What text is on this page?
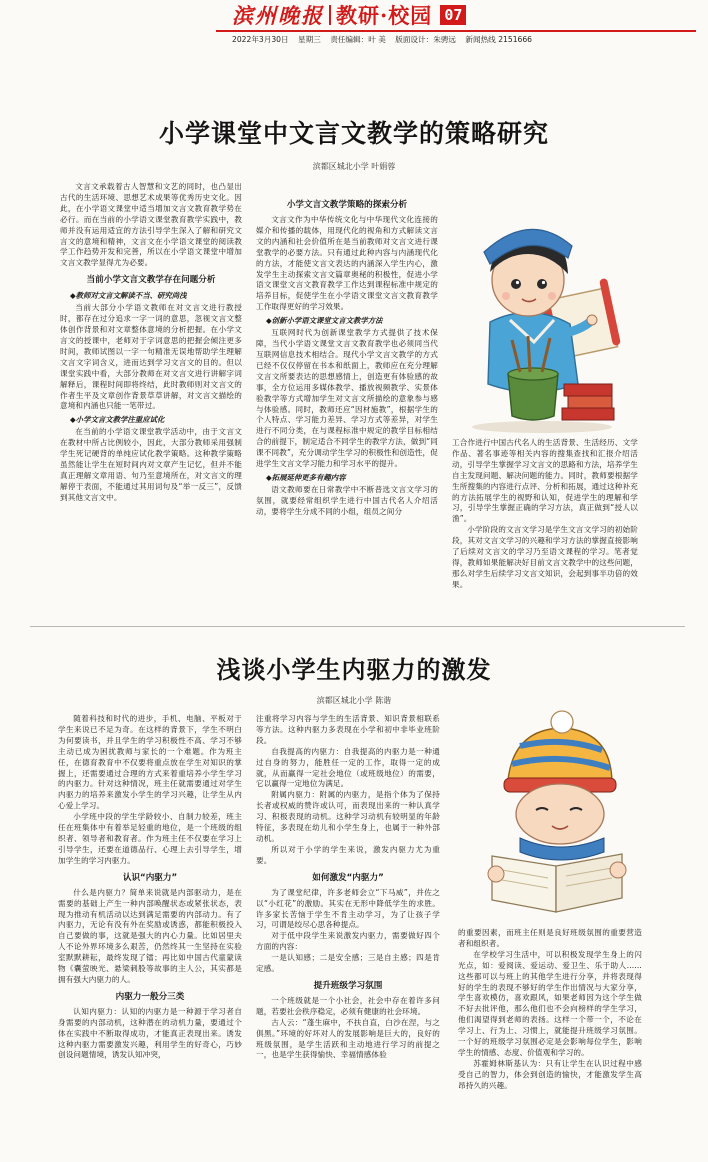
滨州晚报 教研·校园 07
2022年3月30日 星期三 责任编辑：叶 美 版面设计：朱骋远 新闻热线 2151666
小学课堂中文言文教学的策略研究
滨都区城北小学 叶娟蓉

文言文承载着古人智慧和文艺的同时，也凸显出古代的生活环境、思想艺术成果等优秀历史文化。因此，在小学语文课堂中适当增加文言文教育教学势在必行。而在当前的小学语文课堂教育教学实践中，教师并没有运用适宜的方法引导学生深入了解和研究文言文的意境和精神，文言文在小学语文课堂的阅读教学工作趋势开发和完善，所以在小学语文课堂中增加文言文教学显得尤为必要。

当前小学文言文教学存在问题分析

◆教师对文言文解读不当、研究尚浅

当前大部分小学语文教师在对文言文进行教授时，都存在过分追求一字一词的意思，忽视文言文整体创作背景和对文章整体意境的分析把握。在小学文言文的授课中，老师对于字词意思的把握会倾注更多时间，教师试图以一字一句精准无误地帮助学生理解文言文字词含义，进而达到学习文言文的目的。但以课堂实践中看，大部分教师在对文言文进行讲解字词解释后，课程时间即将终结，此时教师则对文言文的作者生平及文章创作背景草草讲解，对文言文描绘的意境和内涵也只能一笔带过。

◆小学文言文教学注重应试化

在当前的小学语文课堂教学活动中，由于文言文在教材中所占比例较小，因此，大部分教师采用强制学生死记硬背的单纯应试化教学策略。这种教学策略虽然能让学生在短时间内对文章产生记忆，但并不能真正理解文章用语、句乃至意境所在，对文言文的理解停于表面，不能通过其用词句及“举一反三”，反馈到其他文言文中。

小学文言文教学策略的探索分析

文言文作为中华传统文化与中华现代文化连接的媒介和传播的载体，用现代化的视角和方式解读文言文的内涵和社会价值所在是当前教师对文言文进行课堂教学的必要方法。只有通过此种内容与内涵现代化的方法，才能使文言文表达的内涵深入学生内心，激发学生主动探索文言文篇章奥秘的积极性，促进小学语文课堂文言文教育教学工作达到课程标准中规定的培养目标，促使学生在小学语文课堂文言文教育教学工作取得更好的学习效果。

◆创新小学语文课堂文言文教学方法

互联网时代为创新课堂教学方式提供了技术保障，当代小学语文课堂文言文教育教学也必须同当代互联网信息技术相结合。现代小学文言文教学的方式已经不仅仅停留在书本和纸面上，教师应在充分理解文言文所要表达的思想感情上，创造更有体验感的故事，全方位运用多媒体教学、播放视频教学、实景体验教学等方式增加学生对文言文所描绘的意象参与感与体验感。同时，教师还应“因材施教”，根据学生的个人特点、学习能力差异、学习方式等差异，对学生进行不同分类，在与课程标准中规定的教学目标相结合的前提下，制定适合不同学生的教学方法，做到“同课不同教”，充分调动学生学习的积极性和创造性，促进学生文言文学习能力和学习水平的提升。

◆拓展延伸更多有趣内容

语文教师要在日常教学中不断普选文言文学习的氛围，就要经常组织学生进行中国古代名人介绍活动，要将学生分成不同的小组，组员之间分

工合作进行中国古代名人的生活背景、生活经历、文学作品、著名事迹等相关内容的搜集查找和汇报介绍活动，引导学生掌握学习文言文的思路和方法，培养学生自主发现问题、解决问题的能力。同时，教师要根据学生所搜集的内容进行点评、分析和拓展，通过这种补充的方法拓展学生的视野和认知，促进学生的理解和学习，引导学生掌握正确的学习方法，真正做到“授人以渔”。

小学阶段的文言文学习是学生文言文学习的初始阶段，其对文言文学习的兴趣和学习方法的掌握直接影响了后续对文言文的学习乃至语文课程的学习。笔者觉得，教师如果能解决好目前文言文教学中的这些问题，那么对学生后续学习文言文知识，会起到事半功倍的效果。

浅谈小学生内驱力的激发
滨都区城北小学 陈谐

随着科技和时代的进步，手机、电脑、平板对于学生来说已不足为奇。在这样的背景下，学生不明白为何要读书，并且学生的学习积极性不高、学习不够主动已成为困扰教师与家长的一个难题。作为班主任，在德育教育中不仅要将重点放在学生对知识的掌握上，还需要通过合理的方式来着重培养小学生学习的内驱力。针对这种情况，班主任就需要通过对学生内驱力的培养来激发小学生的学习兴趣，让学生从内心爱上学习。

小学班中段的学生学龄较小、自制力较差，班主任在班集体中有着举足轻重的地位，是一个班级的组织者、领导者和教育者。作为班主任不仅要在学习上引导学生，还要在道德品行、心理上去引导学生，增加学生的学习内驱力。

认识“内驱力”

什么是内驱力？简单来说就是内部驱动力，是在需要的基础上产生一种内部唤醒状态或紧张状态，表现为推动有机活动以达到满足需要的内部动力。有了内驱力，无论有没有外在奖励或诱惑，都能积极投入自己要做的事，这就是强大的内心力量。比如居里夫人不论外界环境多么艰苦，仍然终其一生坚持在实验室默默耕耘，最终发现了镭；再比如中国古代童蒙读物《囊萤映光、悬梁刺股等故事的主人公，其实都是拥有强大内驱力的人。

内驱力一般分三类

认知内驱力：认知的内驱力是一种源于学习者自身需要的内部动机，这种潜在的动机力量，要通过个体在实践中不断取得成功，才能真正表现出来。诱发这种内驱力需要激发兴趣，利用学生的好奇心，巧妙创设问题情境，诱发认知冲突，

注重将学习内容与学生的生活背景、知识背景相联系等方法。这种内驱力多表现在小学和初中非毕业班阶段。

自我提高的内驱力：自我提高的内驱力是一种通过自身的努力，能胜任一定的工作，取得一定的成就，从而赢得一定社会地位（或班级地位）的需要，它以赢得一定地位为满足。

附属内驱力：附属的内驱力，是指个体为了保持长者或权威的赞许或认可，而表现出来的一种认真学习、积极表现的动机。这种学习动机有较明显的年龄特征，多表现在幼儿和小学生身上，也属于一种外部动机。

所以对于小学的学生来说，激发内驱力尤为重要。

如何激发“内驱力”

为了课堂纪律，许多老师会立“下马威”，并佐之以“小红花”的激励。其实在无形中降低学生的求胜。许多家长苦恼于学生不肯主动学习，为了让孩子学习，可谓是绞尽心思各种提点。

对于低中段学生来说激发内驱力，需要做好四个方面的内容：

一是认知感；二是安全感；三是自主感；四是肯定感。

提升班级学习氛围

一个班级就是一个小社会，社会中存在着许多问题，若要社会秩序稳定，必须有健康的社会环境。

古人云：“蓬生麻中，不扶自直，白沙在涅，与之俱黑。”环境的好坏对人的发展影响是巨大的，良好的班级氛围，是学生活跃和主动地进行学习的前提之一，也是学生获得愉快、幸福情感体验

的重要因素，而班主任则是良好班级氛围的重要营造者和组织者。

在学校学习生活中，可以积极发现学生身上的闪光点，如：爱阅读、爱运动、爱卫生、乐于助人……这些都可以与班上的其他学生进行分享，并将表现得好的学生的表现不够好的学生作出情况与大家分享，学生喜欢模仿，喜欢跟风，如果老师因为这个学生做不好去批评他，那么他们也不会向榜样的学生学习，他们渴望得到老师的表扬。这样一个带一个，不论在学习上、行为上、习惯上，就能提升班级学习氛围。一个好的班级学习氛围必定是会影响每位学生，影响学生的情感、态度、价值观和学习的。

苏霍姆林斯基认为：只有让学生在认识过程中感受自己的智力，体会到创造的愉快，才能激发学生高昂持久的兴趣。
